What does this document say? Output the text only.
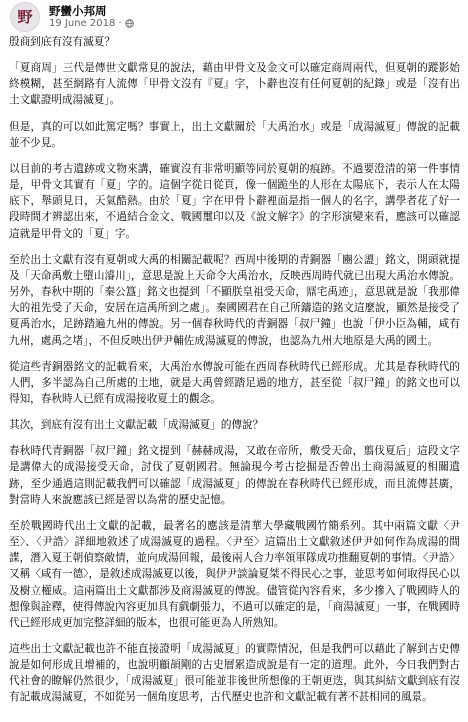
野 野蠻小邦周
19 June 2018 ·

殷商到底有沒有滅夏？

「夏商周」三代是傳世文獻常見的說法，藉由甲骨文及金文可以確定商周兩代，但夏朝的蹤影始終模糊，甚至網路有人流傳「甲骨文沒有『夏』字，卜辭也沒有任何夏朝的紀錄」或是「沒有出土文獻證明成湯滅夏」。

但是，真的可以如此篤定嗎？事實上，出土文獻關於「大禹治水」或是「成湯滅夏」傳說的記載並不少見。

以目前的考古遺跡或文物來講，確實沒有非常明顯等同於夏朝的痕跡。不過要澄清的第一件事情是，甲骨文其實有「夏」字的。這個字從日從頁，像一個跪坐的人形在太陽底下，表示人在太陽底下，舉頭見日，天氣酷熱。由於「夏」字在甲骨卜辭裡面是指一個人的名字，講學者花了好一段時間才辨認出來，不過結合金文、戰國璽印以及《說文解字》的字形演變來看，應該可以確認這就是甲骨文的「夏」字。

至於出土文獻有沒有夏朝或大禹的相關記載呢？西周中後期的青銅器「豳公盨」銘文，開頭就提及「天命禹敷土墮山濬川」，意思是說上天命令大禹治水，反映西周時代就已出現大禹治水傳說。另外，春秋中期的「秦公簋」銘文也提到「不顯朕皇祖受天命，鼏宅禹迹」，意思就是說「我那偉大的祖先受了天命，安居在這禹所到之處」。秦國國君在自己所鑄造的銘文這麼說，顯然是接受了夏禹治水，足跡踏遍九州的傳說。另一個春秋時代的青銅器「叔尸鐘」也說「伊小臣為輔，咸有九州，處禹之堵」，不但反映出伊尹輔佐成湯滅夏的傳說，也認為九州大地原是大禹的國土。

從這些青銅器銘文的記載看來，大禹治水傳說可能在西周春秋時代已經形成。尤其是春秋時代的人們，多半認為自己所處的土地，就是大禹曾經踏足過的地方，甚至從「叔尸鐘」的銘文也可以得知，春秋時人已經有成湯接收夏土的觀念。

其次，到底有沒有出土文獻記載「成湯滅夏」的傳說？

春秋時代青銅器「叔尸鐘」銘文提到「赫赫成湯，又敢在帝所，敷受天命，翦伐夏后」這段文字是講偉大的成湯接受天命，討伐了夏朝國君。無論現今考古挖掘是否曾出土商湯滅夏的相關遺跡，至少通過這則記載我們可以確認「成湯滅夏」的傳說在春秋時代已經形成，而且流傳甚廣，對當時人來說應該已經是習以為常的歷史記憶。

至於戰國時代出土文獻的記載，最著名的應該是清華大學藏戰國竹簡系列。其中兩篇文獻〈尹至〉、〈尹誥〉詳細地敘述了成湯滅夏的過程。〈尹至〉這篇出土文獻敘述伊尹如何作為成湯的間諜，潛入夏王朝偵察敵情，並向成湯回報，最後兩人合力率領軍隊成功推翻夏朝的事情。〈尹誥〉又稱〈咸有一德〉，是敘述成湯滅夏以後，與伊尹談論夏桀不得民心之事，並思考如何取得民心以及樹立權威。這兩篇出土文獻都涉及商湯滅夏的傳說。儘管從內容看來，多少摻入了戰國時人的想像與詮釋，使得傳說內容更加具有戲劇張力，不過可以確定的是，「商湯滅夏」一事，在戰國時代已經形成更加完整詳細的版本，也很可能更為人所熟知。

這些出土文獻記載也許不能直接證明「成湯滅夏」的實際情況，但是我們可以藉此了解到古史傳說是如何形成且增補的，也說明顧頡剛的古史層累造成說是有一定的道理。此外，今日我們對古代社會的瞭解仍然很少，「成湯滅夏」很可能並非後世所想像的王朝更迭，與其糾結文獻到底有沒有記載成湯滅夏，不如從另一個角度思考，古代歷史也許和文獻記載有著不甚相同的風景。
